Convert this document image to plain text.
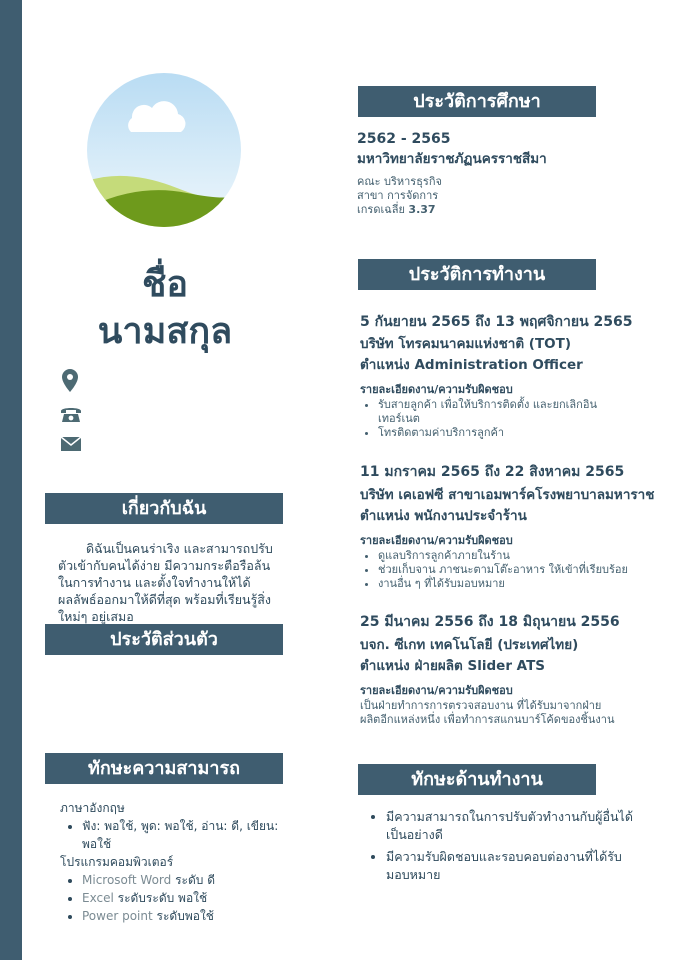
ชื่อ
นามสกุล
เกี่ยวกับฉัน
ดิฉันเป็นคนร่าเริง และสามารถปรับตัวเข้ากับคนได้ง่าย มีความกระตือรือล้นในการทำงาน และตั้งใจทำงานให้ได้ผลลัพธ์ออกมาให้ดีที่สุด พร้อมที่เรียนรู้สิ่งใหม่ๆ อยู่เสมอ
ประวัติส่วนตัว
ทักษะความสามารถ
ภาษาอังกฤษ
• ฟัง: พอใช้, พูด: พอใช้, อ่าน: ดี, เขียน: พอใช้
โปรแกรมคอมพิวเตอร์
• Microsoft Word ระดับ ดี
• Excel ระดับระดับ พอใช้
• Power point ระดับพอใช้
ประวัติการศึกษา
2562 - 2565
มหาวิทยาลัยราชภัฏนครราชสีมา
คณะ บริหารธุรกิจ
สาขา การจัดการ
เกรดเฉลี่ย 3.37
ประวัติการทำงาน
5 กันยายน 2565 ถึง 13 พฤศจิกายน 2565
บริษัท โทรคมนาคมแห่งชาติ (TOT)
ตำแหน่ง Administration Officer
รายละเอียดงาน/ความรับผิดชอบ
• รับสายลูกค้า เพื่อให้บริการติดตั้ง และยกเลิกอินเทอร์เนต
• โทรติดตามค่าบริการลูกค้า
11 มกราคม 2565 ถึง 22 สิงหาคม 2565
บริษัท เคเอฟซี สาขาเอมพาร์คโรงพยาบาลมหาราช
ตำแหน่ง พนักงานประจำร้าน
รายละเอียดงาน/ความรับผิดชอบ
• ดูแลบริการลูกค้าภายในร้าน
• ช่วยเก็บจาน ภาชนะตามโต๊ะอาหาร ให้เข้าที่เรียบร้อย
• งานอื่น ๆ ที่ได้รับมอบหมาย
25 มีนาคม 2556 ถึง 18 มิถุนายน 2556
บจก. ซีเกท เทคโนโลยี (ประเทศไทย)
ตำแหน่ง ฝ่ายผลิต Slider ATS
รายละเอียดงาน/ความรับผิดชอบ
เป็นฝ่ายทำการการตรวจสอบงาน ที่ได้รับมาจากฝ่ายผลิตอีกแหล่งหนึ่ง เพื่อทำการสแกนบาร์โค้ดของชิ้นงาน
ทักษะด้านทำงาน
• มีความสามารถในการปรับตัวทำงานกับผู้อื่นได้เป็นอย่างดี
• มีความรับผิดชอบและรอบคอบต่องานที่ได้รับมอบหมาย
